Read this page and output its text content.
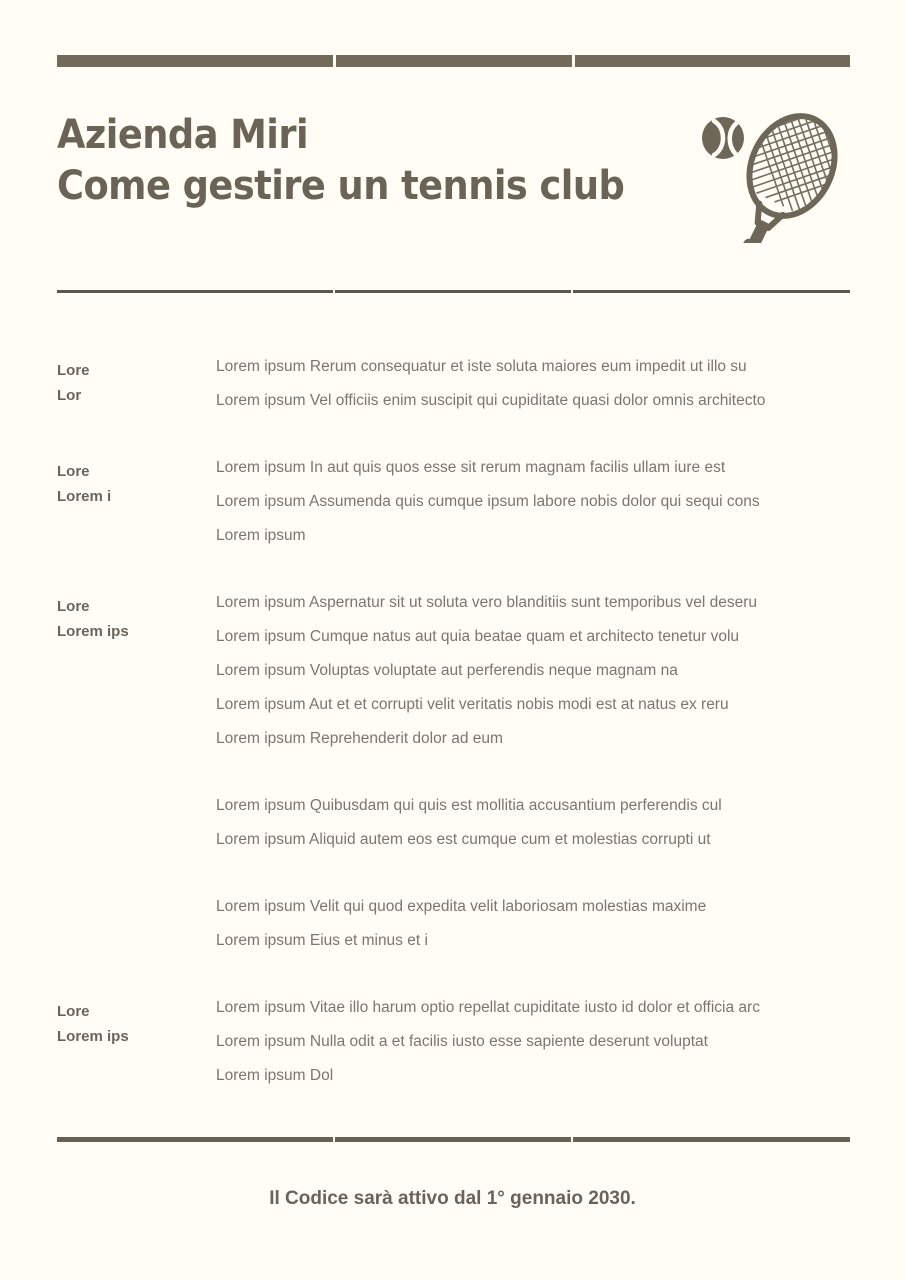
Azienda Miri
Come gestire un tennis club
Lore
Lor
Lorem ipsum Rerum consequatur et iste soluta maiores eum impedit ut illo su
Lorem ipsum Vel officiis enim suscipit qui cupiditate quasi dolor omnis architecto
Lore
Lorem i
Lorem ipsum In aut quis quos esse sit rerum magnam facilis ullam iure est
Lorem ipsum Assumenda quis cumque ipsum labore nobis dolor qui sequi cons
Lorem ipsum
Lore
Lorem ips
Lorem ipsum Aspernatur sit ut soluta vero blanditiis sunt temporibus vel deseru
Lorem ipsum Cumque natus aut quia beatae quam et architecto tenetur volu
Lorem ipsum Voluptas voluptate aut perferendis neque magnam na
Lorem ipsum Aut et et corrupti velit veritatis nobis modi est at natus ex reru
Lorem ipsum Reprehenderit dolor ad eum
Lorem ipsum Quibusdam qui quis est mollitia accusantium perferendis cul
Lorem ipsum Aliquid autem eos est cumque cum et molestias corrupti ut
Lorem ipsum Velit qui quod expedita velit laboriosam molestias maxime
Lorem ipsum Eius et minus et i
Lore
Lorem ips
Lorem ipsum Vitae illo harum optio repellat cupiditate iusto id dolor et officia arc
Lorem ipsum Nulla odit a et facilis iusto esse sapiente deserunt voluptat
Lorem ipsum Dol
Il Codice sarà attivo dal 1° gennaio 2030.
